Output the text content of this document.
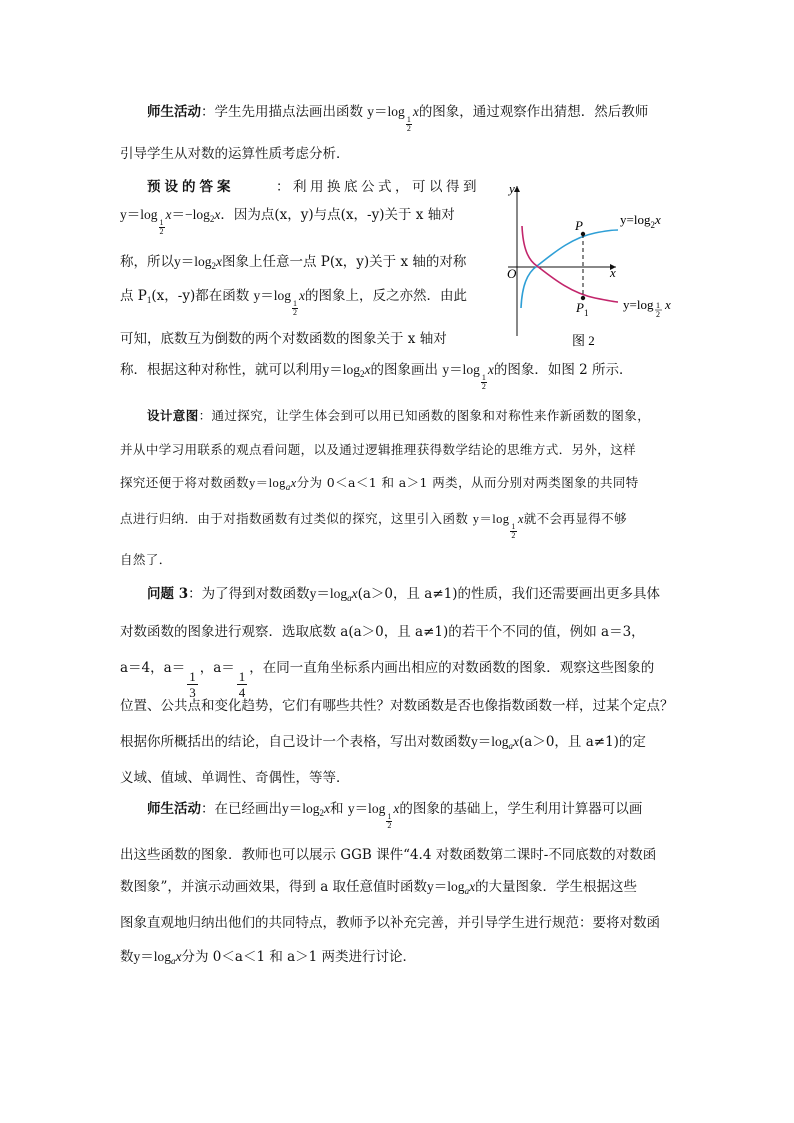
师生活动：学生先用描点法画出函数 y＝log
$\frac{1}{2}$
x的图象，通过观察作出猜想．然后教师
引导学生从对数的运算性质考虑分析．
预设的答案	：利用换底公式，可以得到
y＝log
$\frac{1}{2}$
$x=-\log_2x$．因为点(x，y)与点(x，-y)关于 x 轴对
称，所以$y=\log_2x$图象上任意一点 P(x，y)关于 x 轴的对称
点 $P_1(x$，-y)都在函数 y＝log
$\frac{1}{2}$
x的图象上，反之亦然．由此
可知，底数互为倒数的两个对数函数的图象关于 x 轴对
称．根据这种对称性，就可以利用$y=\log_2x$的图象画出 y＝log
$\frac{1}{2}$
x的图象．如图 2 所示．
y
x
O
P
$P_1$
$y=\log_2x$
y=log 1
2
x
图 2
设计意图：通过探究，让学生体会到可以用已知函数的图象和对称性来作新函数的图象，
并从中学习用联系的观点看问题，以及通过逻辑推理获得数学结论的思维方式．另外，这样
探究还便于将对数函数$y=\log_ax$分为 0＜a＜1 和 a＞1 两类，从而分别对两类图象的共同特
点进行归纳．由于对指数函数有过类似的探究，这里引入函数 y＝log
$\frac{1}{2}$
x就不会再显得不够
自然了．
问题 3：为了得到对数函数$y=\log_ax(a>0$，且 a≠1)的性质，我们还需要画出更多具体
对数函数的图象进行观察．选取底数 a(a＞0，且 a≠1)的若干个不同的值，例如 a＝3，
a＝4，a＝
$\frac{1}{3}$
，a＝
$\frac{1}{4}$
，在同一直角坐标系内画出相应的对数函数的图象．观察这些图象的
位置、公共点和变化趋势，它们有哪些共性？对数函数是否也像指数函数一样，过某个定点？
根据你所概括出的结论，自己设计一个表格，写出对数函数$y=\log_ax(a>0$，且 a≠1)的定
义域、值域、单调性、奇偶性，等等．
师生活动：在已经画出$y=\log_2x$和 y＝log
$\frac{1}{2}$
x的图象的基础上，学生利用计算器可以画
出这些函数的图象．教师也可以展示 GGB 课件“4.4 对数函数第二课时-不同底数的对数函
数图象”，并演示动画效果，得到 a 取任意值时函数$y=\log_ax$的大量图象．学生根据这些
图象直观地归纳出他们的共同特点，教师予以补充完善，并引导学生进行规范：要将对数函
数$y=\log_ax$分为 0＜a＜1 和 a＞1 两类进行讨论．
